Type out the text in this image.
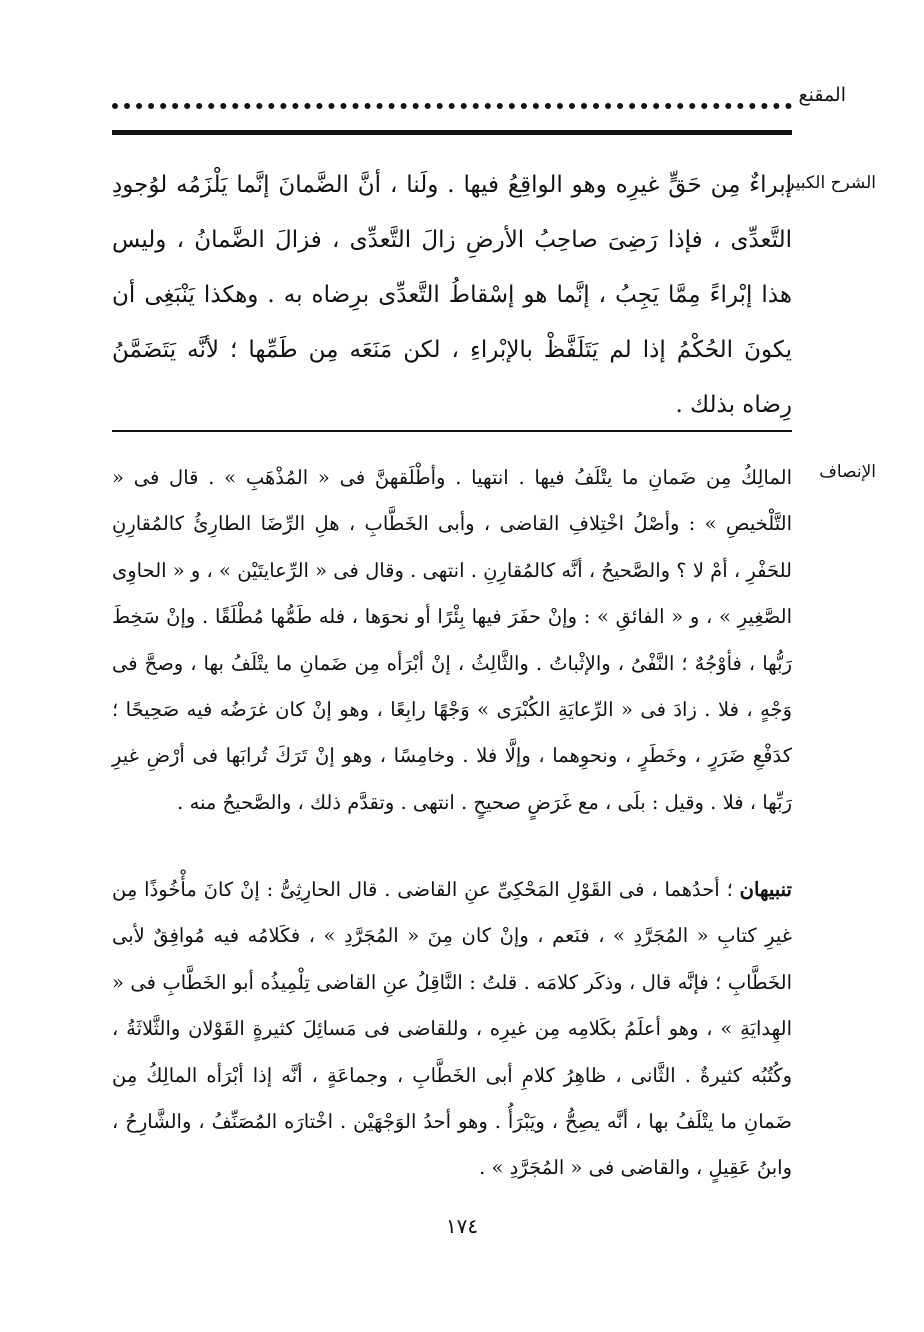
المقنع
الشرح الكبير

إبراءٌ مِن حَقٍّ غيرِه وهو الواقِعُ فيها . ولَنا ، أنَّ الضَّمانَ إنَّما يَلْزَمُه لوُجودِ التَّعدِّى ، فإذا رَضِىَ صاحِبُ الأرضِ زالَ التَّعدِّى ، فزالَ الضَّمانُ ، وليس هذا إبْراءً مِمَّا يَجِبُ ، إنَّما هو إسْقاطُ التَّعدِّى برِضاه به . وهكذا يَنْبَغِى أن يكونَ الحُكْمُ إذا لم يَتَلَفَّظْ بالإبْراءِ ، لكن مَنَعَه مِن طَمِّها ؛ لأنَّه يَتَضَمَّنُ رِضاه بذلك .

الإنصاف

المالِكُ مِن ضَمانِ ما يتْلَفُ فيها . انتهيا . وأطْلَقهنَّ فى « المُذْهَبِ » . قال فى « التَّلْخيصِ » : وأصْلُ اخْتِلافِ القاضى ، وأبى الخَطَّابِ ، هلِ الرِّضَا الطارِئُ كالمُقارِنِ للحَفْرِ ، أمْ لا ؟ والصَّحيحُ ، أنَّه كالمُقارِنِ . انتهى . وقال فى « الرِّعايتَيْن » ، و « الحاوِى الصَّغِيرِ » ، و « الفائقِ » : وإنْ حفَرَ فيها بِئْرًا أو نحوَها ، فله طَمُّها مُطْلَقًا . وإنْ سَخِطَ رَبُّها ، فأوْجُهٌ ؛ النَّفْىُ ، والإثْباتُ . والثَّالِثُ ، إنْ أبْرَأه مِن ضَمانِ ما يتْلَفُ بها ، وصحَّ فى وَجْهٍ ، فلا . زادَ فى « الرِّعايَةِ الكُبْرَى » وَجْهًا رابِعًا ، وهو إنْ كان غرَضُه فيه صَحِيحًا ؛ كدَفْعِ ضَرَرٍ ، وخَطَرٍ ، ونحوِهما ، وإلَّا فلا . وخامِسًا ، وهو إنْ تَرَكَ تُرابَها فى أرْضِ غيرِ رَبِّها ، فلا . وقيل : بلَى ، مع غَرَضٍ صحيحٍ . انتهى . وتقدَّم ذلك ، والصَّحيحُ منه .

تنبيهان ؛ أحدُهما ، فى القَوْلِ المَحْكِىِّ عنِ القاضى . قال الحارِثِىُّ : إنْ كانَ مأْخُوذًا مِن غيرِ كتابِ « المُجَرَّدِ » ، فنَعم ، وإنْ كان مِنَ « المُجَرَّدِ » ، فكَلامُه فيه مُوافِقٌ لأبى الخَطَّابِ ؛ فإنَّه قال ، وذكَر كلامَه . قلتُ : النَّاقِلُ عنِ القاضى تِلْمِيذُه أبو الخَطَّابِ فى « الهِدايَةِ » ، وهو أعلَمُ بكَلامِه مِن غيرِه ، وللقاضى فى مَسائِلَ كثيرةٍ القَوْلان والثَّلاثَةُ ، وكُتُبُه كثيرةٌ . الثَّانى ، ظاهِرُ كلامِ أبى الخَطَّابِ ، وجماعَةٍ ، أنَّه إذا أبْرَأه المالِكُ مِن ضَمانِ ما يتْلَفُ بها ، أنَّه يصِحُّ ، ويَبْرَأُ . وهو أحدُ الوَجْهَيْن . اخْتارَه المُصَنِّفُ ، والشَّارِحُ ، وابنُ عَقِيلٍ ، والقاضى فى « المُجَرَّدِ » .

١٧٤
